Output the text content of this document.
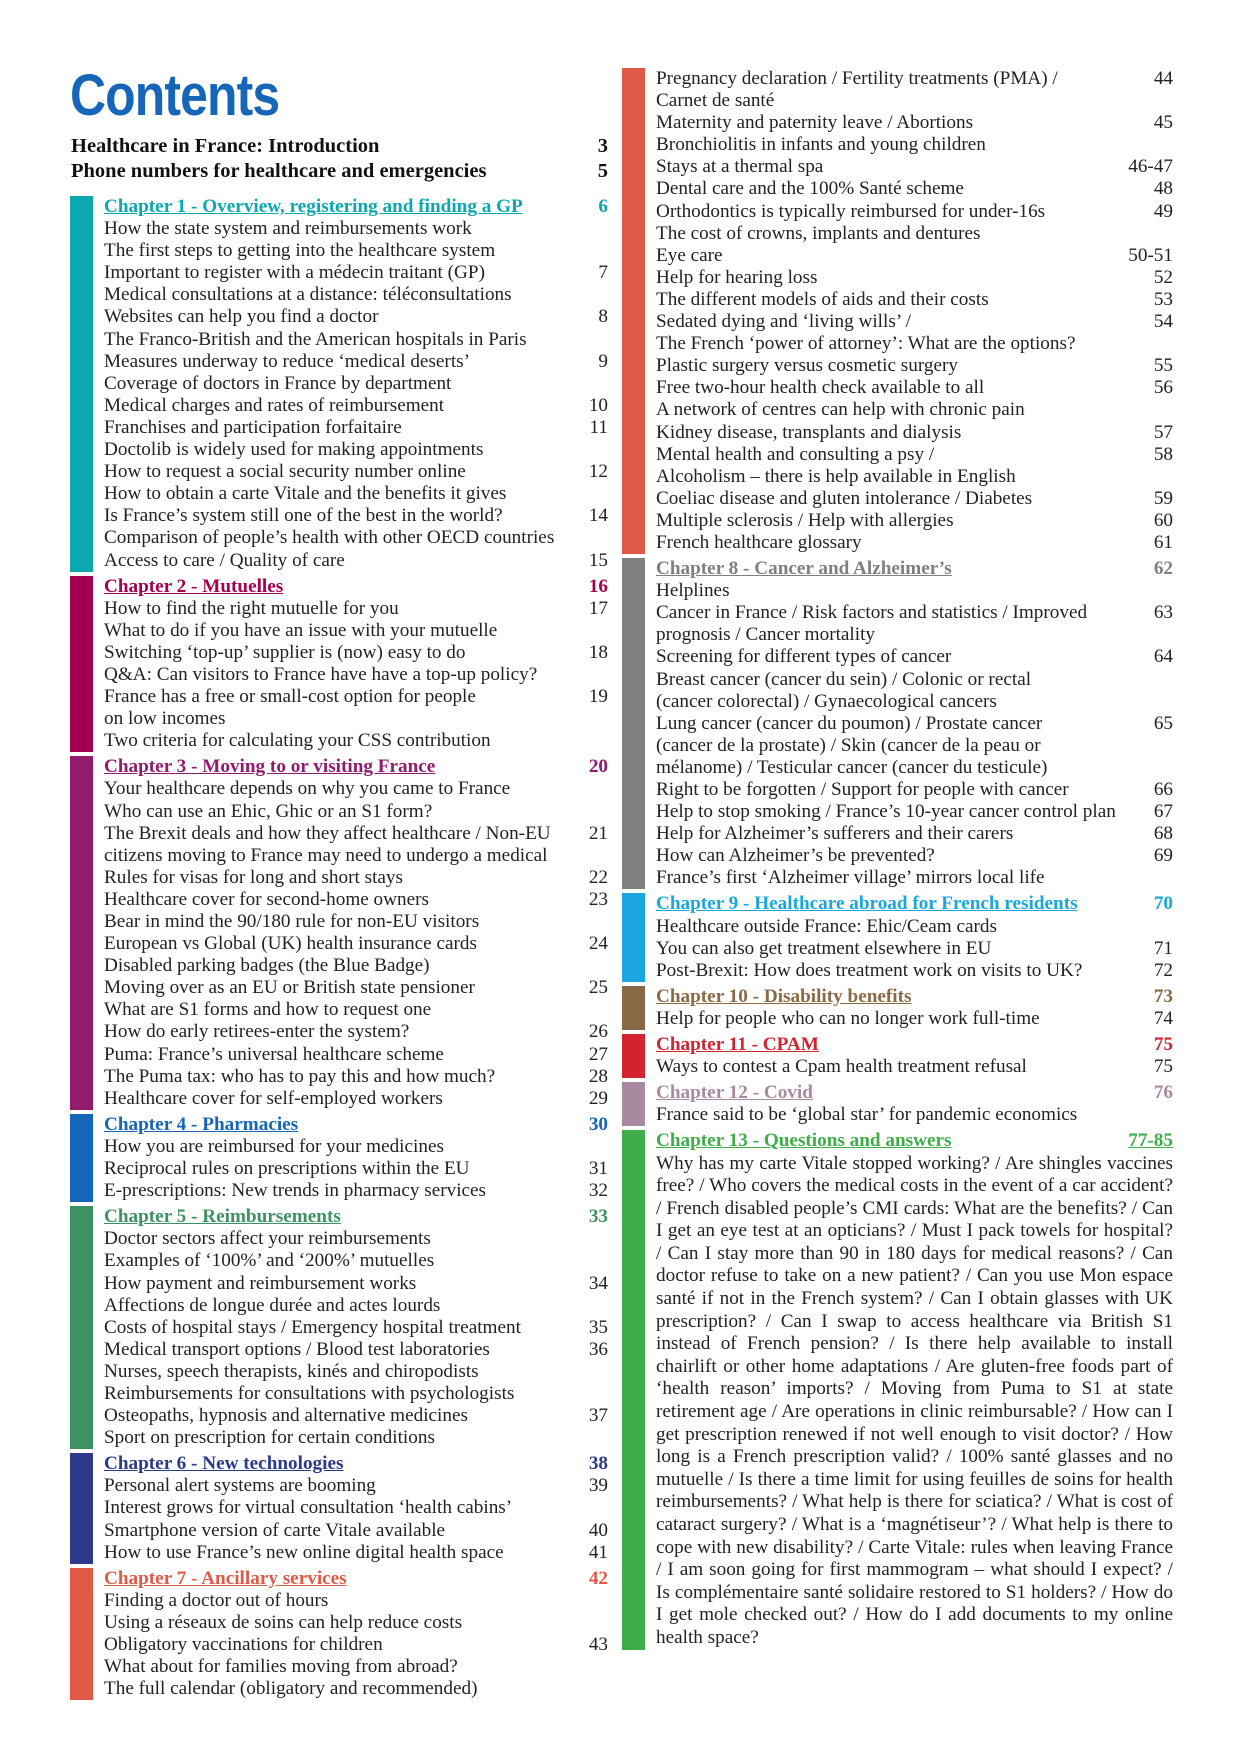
Contents
Healthcare in France: Introduction	3
Phone numbers for healthcare and emergencies	5
Chapter 1 - Overview, registering and finding a GP	6
How the state system and reimbursements work
The first steps to getting into the healthcare system
Important to register with a médecin traitant (GP)	7
Medical consultations at a distance: téléconsultations
Websites can help you find a doctor	8
The Franco-British and the American hospitals in Paris
Measures underway to reduce ‘medical deserts’	9
Coverage of doctors in France by department
Medical charges and rates of reimbursement	10
Franchises and participation forfaitaire	11
Doctolib is widely used for making appointments
How to request a social security number online	12
How to obtain a carte Vitale and the benefits it gives
Is France’s system still one of the best in the world?	14
Comparison of people’s health with other OECD countries
Access to care / Quality of care	15
Chapter 2 - Mutuelles	16
How to find the right mutuelle for you	17
What to do if you have an issue with your mutuelle
Switching ‘top-up’ supplier is (now) easy to do	18
Q&A: Can visitors to France have have a top-up policy?
France has a free or small-cost option for people	19
on low incomes
Two criteria for calculating your CSS contribution
Chapter 3 - Moving to or visiting France	20
Your healthcare depends on why you came to France
Who can use an Ehic, Ghic or an S1 form?
The Brexit deals and how they affect healthcare / Non-EU	21
citizens moving to France may need to undergo a medical
Rules for visas for long and short stays	22
Healthcare cover for second-home owners	23
Bear in mind the 90/180 rule for non-EU visitors
European vs Global (UK) health insurance cards	24
Disabled parking badges (the Blue Badge)
Moving over as an EU or British state pensioner	25
What are S1 forms and how to request one
How do early retirees-enter the system?	26
Puma: France’s universal healthcare scheme	27
The Puma tax: who has to pay this and how much?	28
Healthcare cover for self-employed workers	29
Chapter 4 - Pharmacies	30
How you are reimbursed for your medicines
Reciprocal rules on prescriptions within the EU	31
E-prescriptions: New trends in pharmacy services	32
Chapter 5 - Reimbursements	33
Doctor sectors affect your reimbursements
Examples of ‘100%’ and ‘200%’ mutuelles
How payment and reimbursement works	34
Affections de longue durée and actes lourds
Costs of hospital stays / Emergency hospital treatment	35
Medical transport options / Blood test laboratories	36
Nurses, speech therapists, kinés and chiropodists
Reimbursements for consultations with psychologists
Osteopaths, hypnosis and alternative medicines	37
Sport on prescription for certain conditions
Chapter 6 - New technologies	38
Personal alert systems are booming	39
Interest grows for virtual consultation ‘health cabins’
Smartphone version of carte Vitale available	40
How to use France’s new online digital health space	41
Chapter 7 - Ancillary services	42
Finding a doctor out of hours
Using a réseaux de soins can help reduce costs
Obligatory vaccinations for children	43
What about for families moving from abroad?
The full calendar (obligatory and recommended)
Pregnancy declaration / Fertility treatments (PMA) /	44
Carnet de santé
Maternity and paternity leave / Abortions	45
Bronchiolitis in infants and young children
Stays at a thermal spa	46-47
Dental care and the 100% Santé scheme	48
Orthodontics is typically reimbursed for under-16s	49
The cost of crowns, implants and dentures
Eye care	50-51
Help for hearing loss	52
The different models of aids and their costs	53
Sedated dying and ‘living wills’ /	54
The French ‘power of attorney’: What are the options?
Plastic surgery versus cosmetic surgery	55
Free two-hour health check available to all	56
A network of centres can help with chronic pain
Kidney disease, transplants and dialysis	57
Mental health and consulting a psy /	58
Alcoholism – there is help available in English
Coeliac disease and gluten intolerance / Diabetes	59
Multiple sclerosis / Help with allergies	60
French healthcare glossary	61
Chapter 8 - Cancer and Alzheimer’s	62
Helplines
Cancer in France / Risk factors and statistics / Improved	63
prognosis / Cancer mortality
Screening for different types of cancer	64
Breast cancer (cancer du sein) / Colonic or rectal
(cancer colorectal) / Gynaecological cancers
Lung cancer (cancer du poumon) / Prostate cancer	65
(cancer de la prostate) / Skin (cancer de la peau or
mélanome) / Testicular cancer (cancer du testicule)
Right to be forgotten / Support for people with cancer	66
Help to stop smoking / France’s 10-year cancer control plan	67
Help for Alzheimer’s sufferers and their carers	68
How can Alzheimer’s be prevented?	69
France’s first ‘Alzheimer village’ mirrors local life
Chapter 9 - Healthcare abroad for French residents	70
Healthcare outside France: Ehic/Ceam cards
You can also get treatment elsewhere in EU	71
Post-Brexit: How does treatment work on visits to UK?	72
Chapter 10 - Disability benefits	73
Help for people who can no longer work full-time	74
Chapter 11 - CPAM	75
Ways to contest a Cpam health treatment refusal	75
Chapter 12 - Covid	76
France said to be ‘global star’ for pandemic economics
Chapter 13 - Questions and answers	77-85
Why has my carte Vitale stopped working? / Are shingles vaccines free? / Who covers the medical costs in the event of a car accident? / French disabled people’s CMI cards: What are the benefits? / Can I get an eye test at an opticians? / Must I pack towels for hospital? / Can I stay more than 90 in 180 days for medical reasons? / Can doctor refuse to take on a new patient? / Can you use Mon espace santé if not in the French system? / Can I obtain glasses with UK prescription? / Can I swap to access healthcare via British S1 instead of French pension? / Is there help available to install chairlift or other home adaptations / Are gluten-free foods part of ‘health reason’ imports? / Moving from Puma to S1 at state retirement age / Are operations in clinic reimbursable? / How can I get prescription renewed if not well enough to visit doctor? / How long is a French prescription valid? / 100% santé glasses and no mutuelle / Is there a time limit for using feuilles de soins for health reimbursements? / What help is there for sciatica? / What is cost of cataract surgery? / What is a ‘magnétiseur’? / What help is there to cope with new disability? / Carte Vitale: rules when leaving France / I am soon going for first mammogram – what should I expect? / Is complémentaire santé solidaire restored to S1 holders? / How do I get mole checked out? / How do I add documents to my online health space?
